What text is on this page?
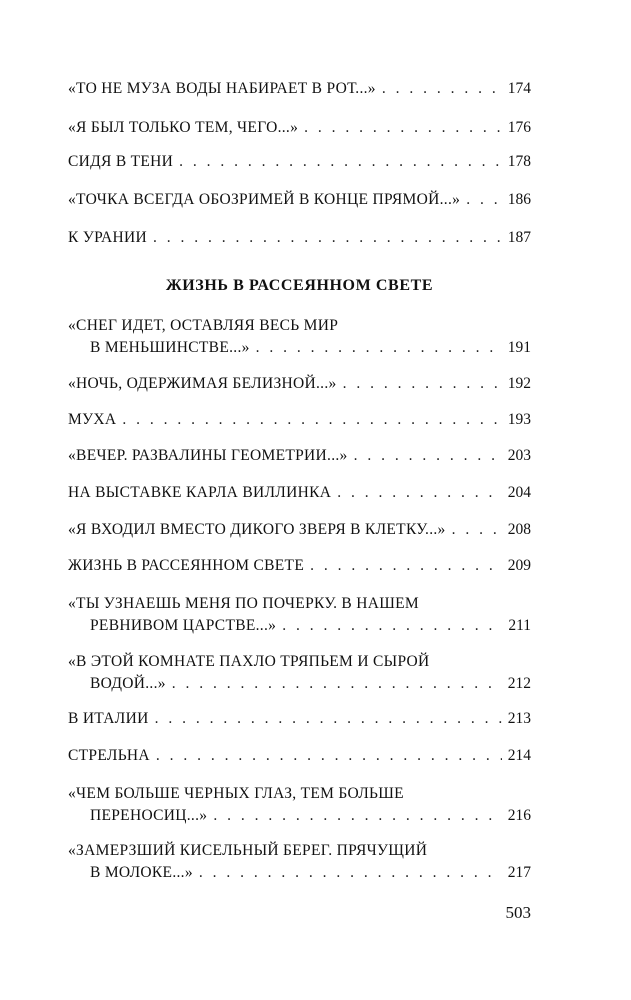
«ТО НЕ МУЗА ВОДЫ НАБИРАЕТ В РОТ...» . . .	174
«Я БЫЛ ТОЛЬКО ТЕМ, ЧЕГО...» . . .	176
СИДЯ В ТЕНИ . . .	178
«ТОЧКА ВСЕГДА ОБОЗРИМЕЙ В КОНЦЕ ПРЯМОЙ...» . . .	186
К УРАНИИ . . .	187
ЖИЗНЬ В РАССЕЯННОМ СВЕТЕ
«СНЕГ ИДЕТ, ОСТАВЛЯЯ ВЕСЬ МИР
В МЕНЬШИНСТВЕ...» . . .	191
«НОЧЬ, ОДЕРЖИМАЯ БЕЛИЗНОЙ...» . . .	192
МУХА . . .	193
«ВЕЧЕР. РАЗВАЛИНЫ ГЕОМЕТРИИ...» . . .	203
НА ВЫСТАВКЕ КАРЛА ВИЛЛИНКА . . .	204
«Я ВХОДИЛ ВМЕСТО ДИКОГО ЗВЕРЯ В КЛЕТКУ...» . . .	208
ЖИЗНЬ В РАССЕЯННОМ СВЕТЕ . . .	209
«ТЫ УЗНАЕШЬ МЕНЯ ПО ПОЧЕРКУ. В НАШЕМ
РЕВНИВОМ ЦАРСТВЕ...» . . .	211
«В ЭТОЙ КОМНАТЕ ПАХЛО ТРЯПЬЕМ И СЫРОЙ
ВОДОЙ...» . . .	212
В ИТАЛИИ . . .	213
СТРЕЛЬНА . . .	214
«ЧЕМ БОЛЬШЕ ЧЕРНЫХ ГЛАЗ, ТЕМ БОЛЬШЕ
ПЕРЕНОСИЦ...» . . .	216
«ЗАМЕРЗШИЙ КИСЕЛЬНЫЙ БЕРЕГ. ПРЯЧУЩИЙ
В МОЛОКЕ...» . . .	217
503
